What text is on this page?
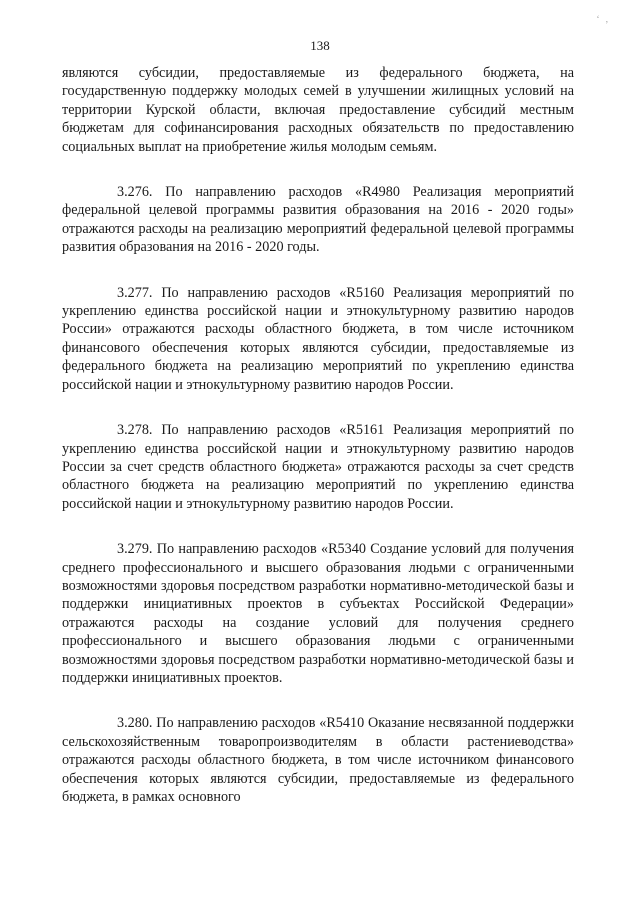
‘ ,
138

являются субсидии, предоставляемые из федерального бюджета, на государственную поддержку молодых семей в улучшении жилищных условий на территории Курской области, включая предоставление субсидий местным бюджетам для софинансирования расходных обязательств по предоставлению социальных выплат на приобретение жилья молодым семьям.

3.276. По направлению расходов «R4980 Реализация мероприятий федеральной целевой программы развития образования на 2016 - 2020 годы» отражаются расходы на реализацию мероприятий федеральной целевой программы развития образования на 2016 - 2020 годы.

3.277. По направлению расходов «R5160 Реализация мероприятий по укреплению единства российской нации и этнокультурному развитию народов России» отражаются расходы областного бюджета, в том числе источником финансового обеспечения которых являются субсидии, предоставляемые из федерального бюджета на реализацию мероприятий по укреплению единства российской нации и этнокультурному развитию народов России.

3.278. По направлению расходов «R5161 Реализация мероприятий по укреплению единства российской нации и этнокультурному развитию народов России за счет средств областного бюджета» отражаются расходы за счет средств областного бюджета на реализацию мероприятий по укреплению единства российской нации и этнокультурному развитию народов России.

3.279. По направлению расходов «R5340 Создание условий для получения среднего профессионального и высшего образования людьми с ограниченными возможностями здоровья посредством разработки нормативно-методической базы и поддержки инициативных проектов в субъектах Российской Федерации» отражаются расходы на создание условий для получения среднего профессионального и высшего образования людьми с ограниченными возможностями здоровья посредством разработки нормативно-методической базы и поддержки инициативных проектов.

3.280. По направлению расходов «R5410 Оказание несвязанной поддержки сельскохозяйственным товаропроизводителям в области растениеводства» отражаются расходы областного бюджета, в том числе источником финансового обеспечения которых являются субсидии, предоставляемые из федерального бюджета, в рамках основного
